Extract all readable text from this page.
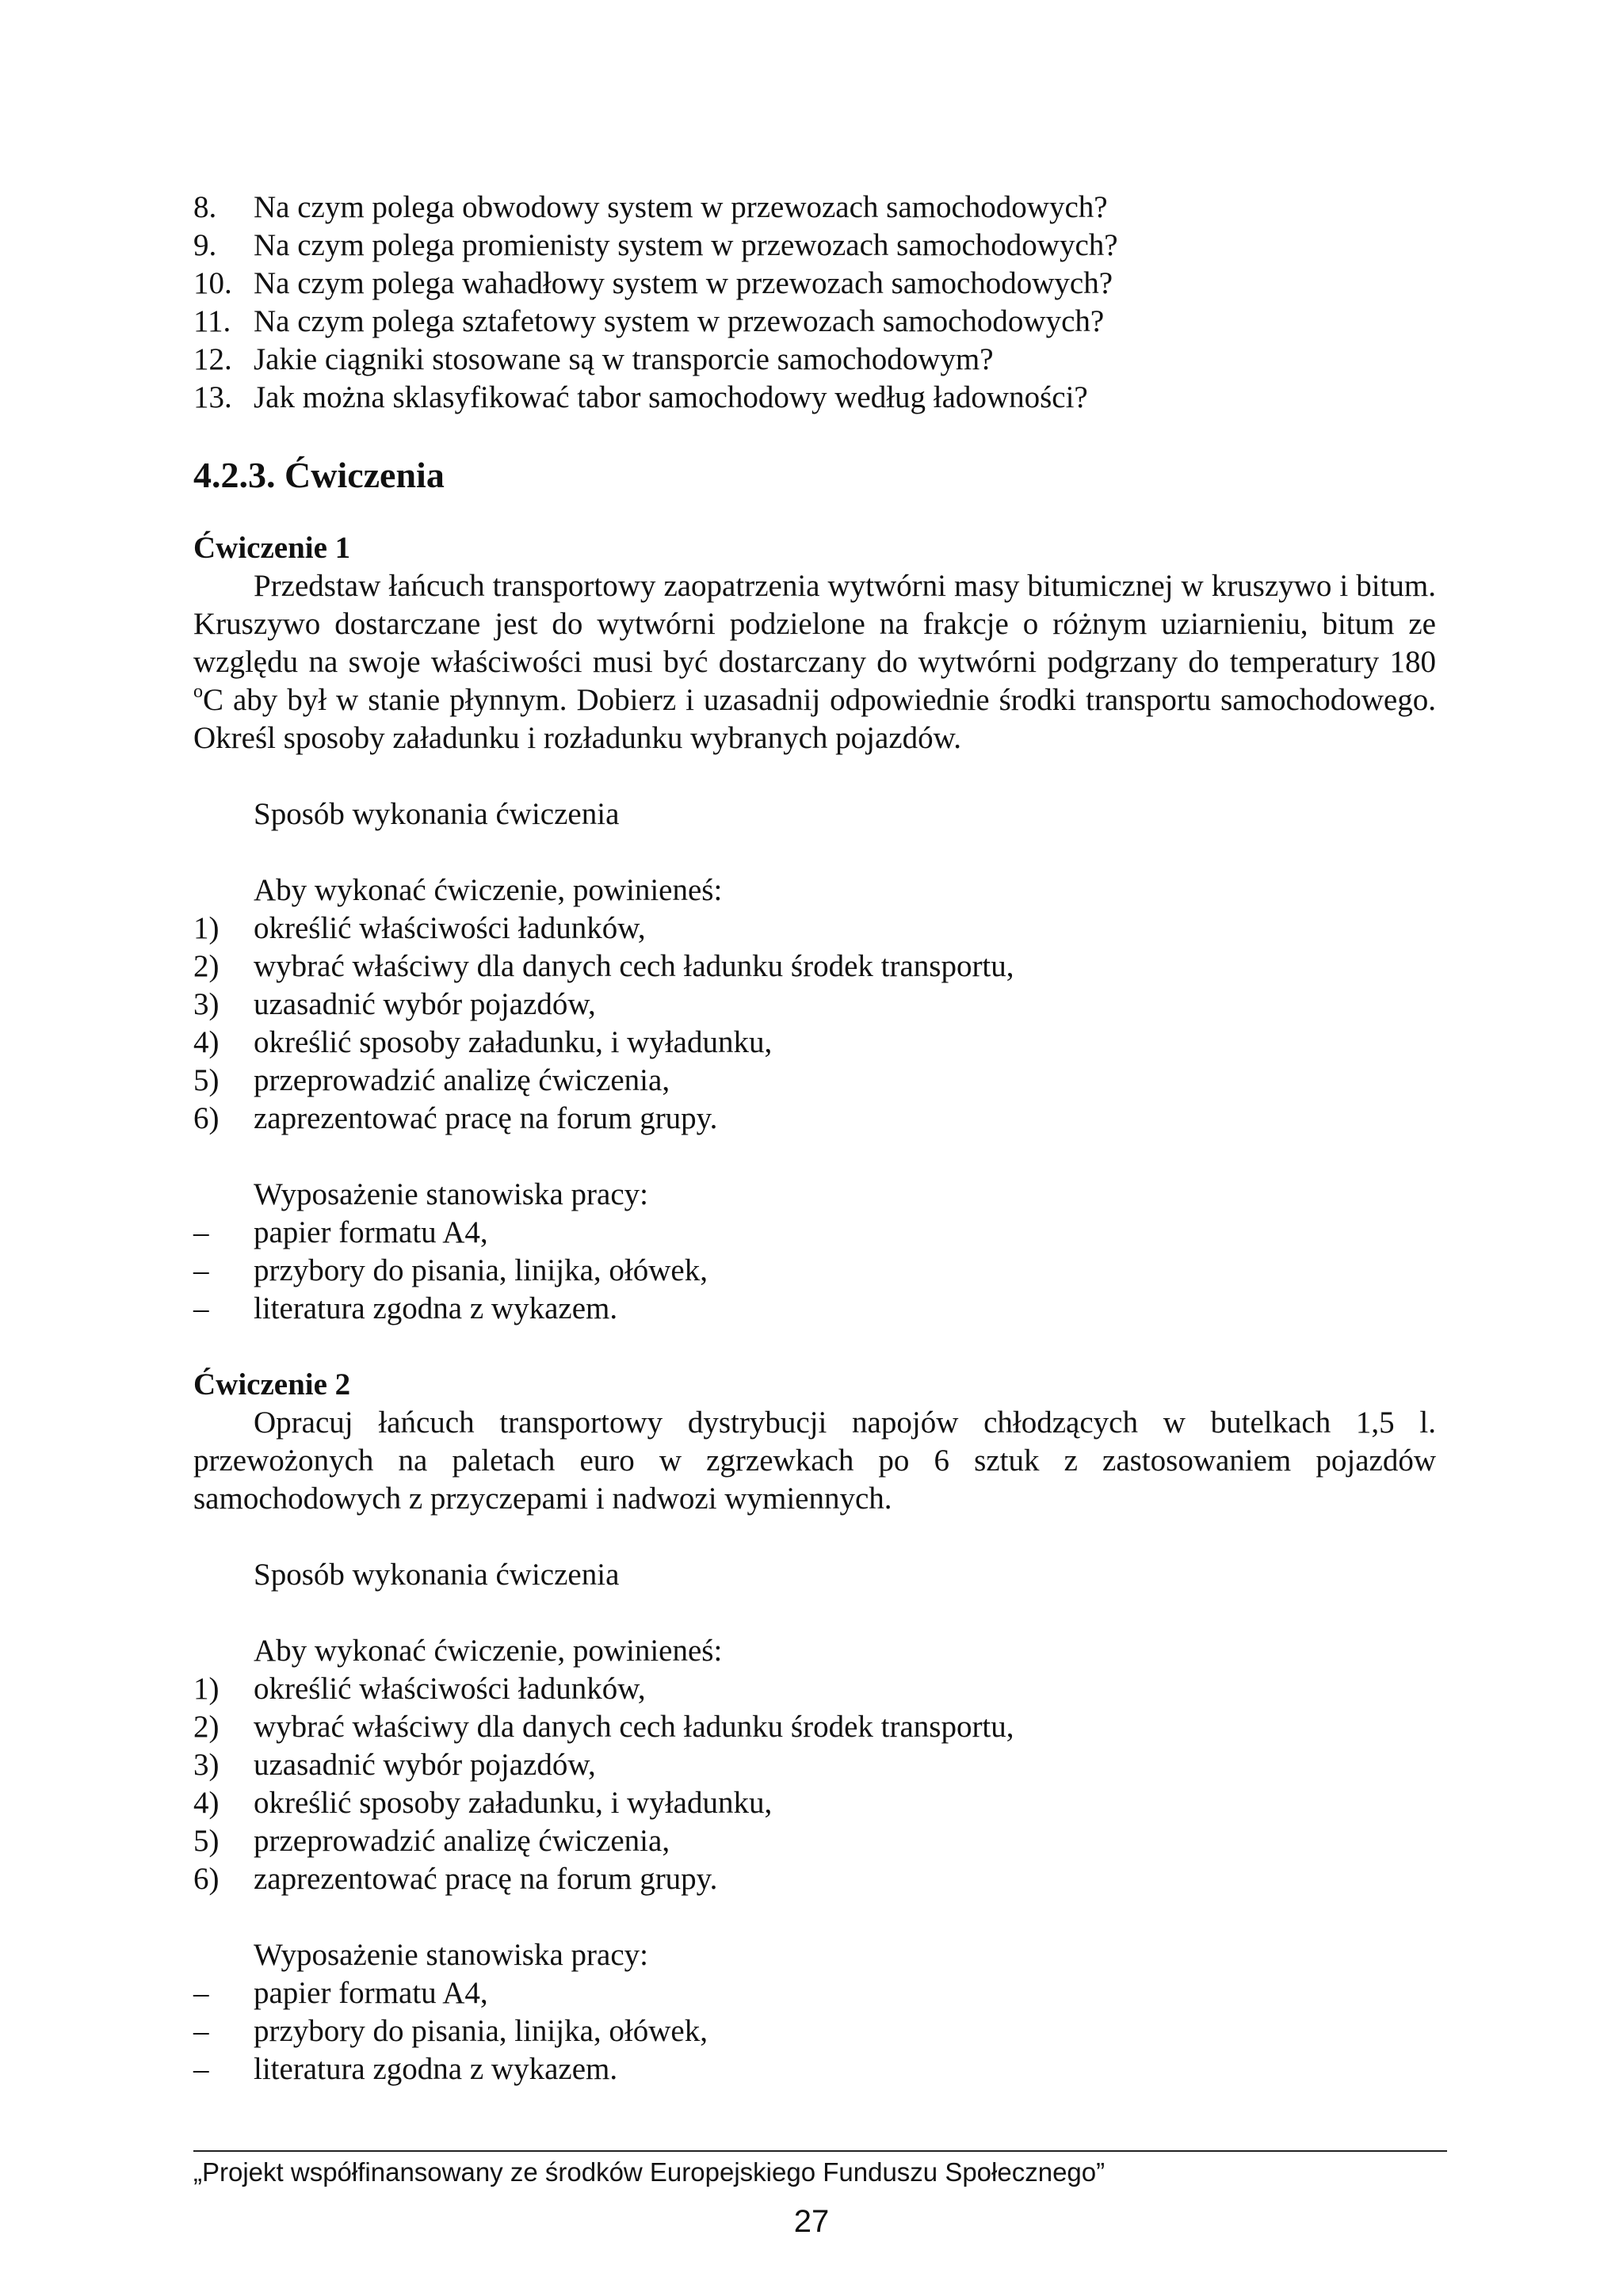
8. Na czym polega obwodowy system w przewozach samochodowych?
9. Na czym polega promienisty system w przewozach samochodowych?
10. Na czym polega wahadłowy system w przewozach samochodowych?
11. Na czym polega sztafetowy system w przewozach samochodowych?
12. Jakie ciągniki stosowane są w transporcie samochodowym?
13. Jak można sklasyfikować tabor samochodowy według ładowności?
4.2.3. Ćwiczenia
Ćwiczenie 1
Przedstaw łańcuch transportowy zaopatrzenia wytwórni masy bitumicznej w kruszywo i bitum. Kruszywo dostarczane jest do wytwórni podzielone na frakcje o różnym uziarnieniu, bitum ze względu na swoje właściwości musi być dostarczany do wytwórni podgrzany do temperatury 180 $^o$C aby był w stanie płynnym. Dobierz i uzasadnij odpowiednie środki transportu samochodowego. Określ sposoby załadunku i rozładunku wybranych pojazdów.
Sposób wykonania ćwiczenia
Aby wykonać ćwiczenie, powinieneś:
1) określić właściwości ładunków,
2) wybrać właściwy dla danych cech ładunku środek transportu,
3) uzasadnić wybór pojazdów,
4) określić sposoby załadunku, i wyładunku,
5) przeprowadzić analizę ćwiczenia,
6) zaprezentować pracę na forum grupy.
Wyposażenie stanowiska pracy:
– papier formatu A4,
– przybory do pisania, linijka, ołówek,
– literatura zgodna z wykazem.
Ćwiczenie 2
Opracuj łańcuch transportowy dystrybucji napojów chłodzących w butelkach 1,5 l. przewożonych na paletach euro w zgrzewkach po 6 sztuk z zastosowaniem pojazdów samochodowych z przyczepami i nadwozi wymiennych.
Sposób wykonania ćwiczenia
Aby wykonać ćwiczenie, powinieneś:
1) określić właściwości ładunków,
2) wybrać właściwy dla danych cech ładunku środek transportu,
3) uzasadnić wybór pojazdów,
4) określić sposoby załadunku, i wyładunku,
5) przeprowadzić analizę ćwiczenia,
6) zaprezentować pracę na forum grupy.
Wyposażenie stanowiska pracy:
– papier formatu A4,
– przybory do pisania, linijka, ołówek,
– literatura zgodna z wykazem.
„Projekt współfinansowany ze środków Europejskiego Funduszu Społecznego”
27
